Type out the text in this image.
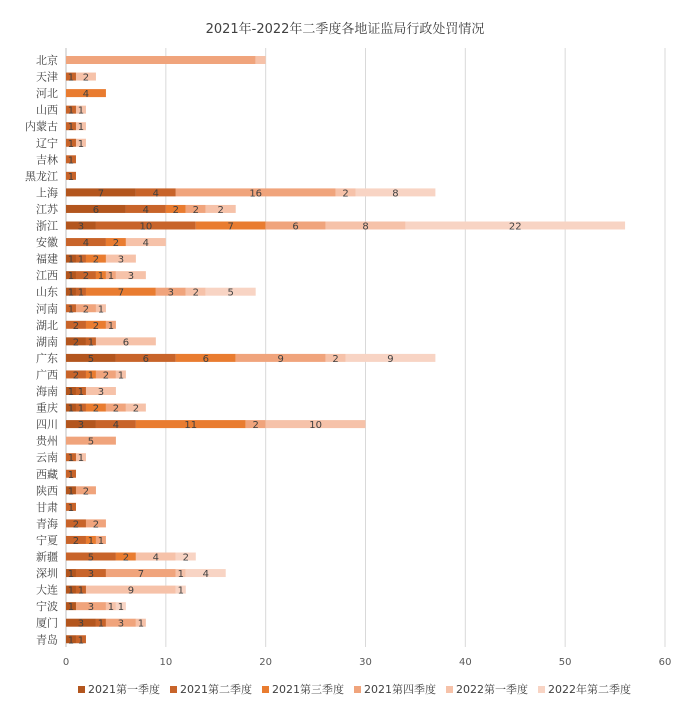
2021年-2022年二季度各地证监局行政处罚情况
1 2
4
1 1
1 1
1 1
1
1
7	4	16	2	8
6	4 2 2 2
3	10	7	6	8	22
4 2 4
1 1 2 3
1 2 1 1 3
1 1	7	3 2	5
1 2 1
2 2 1
2 1	6
5	6	6	9	2	9
2 1 2 1
1 1 3
1 1 2 2 2
3	4	11	2	10
5
1 1
1
1 2
1
2 2
2 1 1
5	2 4 2
1 3	7	1 4
1 1	9	1
1 3 1 1
3 1 3 1
1 1
北京
天津
河北
山西
内蒙古
辽宁
吉林
黑龙江
上海
江苏
浙江
安徽
福建
江西
山东
河南
湖北
湖南
广东
广西
海南
重庆
四川
贵州
云南
西藏
陕西
甘肃
青海
宁夏
新疆
深圳
大连
宁波
厦门
青岛
0	10	20	30	40	50	60
2021第一季度 2021第二季度 2021第三季度 2021第四季度 2022第一季度 2022年第二季度
